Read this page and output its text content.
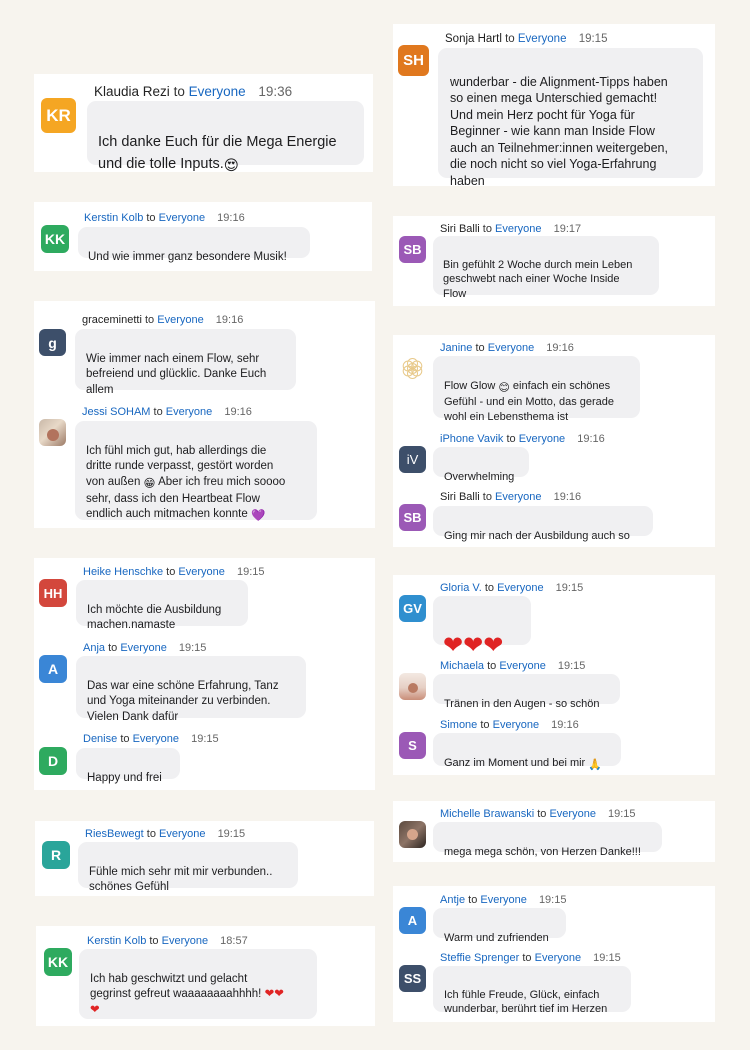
KR
Klaudia Rezi to Everyone 19:36

Ich danke Euch für die Mega Energie
und die tolle Inputs.😍

KK
Kerstin Kolb to Everyone 19:16

Und wie immer ganz besondere Musik!

g
graceminetti to Everyone 19:16

Wie immer nach einem Flow, sehr
befreiend und glücklic. Danke Euch
allem

Jessi SOHAM to Everyone 19:16

Ich fühl mich gut, hab allerdings die
dritte runde verpasst, gestört worden
von außen 😁 Aber ich freu mich soooo
sehr, dass ich den Heartbeat Flow
endlich auch mitmachen konnte 💜

HH
Heike Henschke to Everyone 19:15

Ich möchte die Ausbildung
machen.namaste

A
Anja to Everyone 19:15

Das war eine schöne Erfahrung, Tanz
und Yoga miteinander zu verbinden.
Vielen Dank dafür

D
Denise to Everyone 19:15

Happy und frei

R
RiesBewegt to Everyone 19:15

Fühle mich sehr mit mir verbunden..
schönes Gefühl

KK
Kerstin Kolb to Everyone 18:57

Ich hab geschwitzt und gelacht
gegrinst gefreut waaaaaaaahhhh! ❤❤
❤

SH
Sonja Hartl to Everyone 19:15

wunderbar - die Alignment-Tipps haben
so einen mega Unterschied gemacht!
Und mein Herz pocht für Yoga für
Beginner - wie kann man Inside Flow
auch an Teilnehmer:innen weitergeben,
die noch nicht so viel Yoga-Erfahrung
haben

SB
Siri Balli to Everyone 19:17

Bin gefühlt 2 Woche durch mein Leben
geschwebt nach einer Woche Inside
Flow

Janine to Everyone 19:16

Flow Glow 😊 einfach ein schönes
Gefühl - und ein Motto, das gerade
wohl ein Lebensthema ist

iV
iPhone Vavik to Everyone 19:16

Overwhelming

SB
Siri Balli to Everyone 19:16

Ging mir nach der Ausbildung auch so

GV
Gloria V. to Everyone 19:15

❤❤❤

Michaela to Everyone 19:15

Tränen in den Augen - so schön

S
Simone to Everyone 19:16

Ganz im Moment und bei mir 🙏

Michelle Brawanski to Everyone 19:15

mega mega schön, von Herzen Danke!!!

A
Antje to Everyone 19:15

Warm und zufrienden

SS
Steffie Sprenger to Everyone 19:15

Ich fühle Freude, Glück, einfach
wunderbar, berührt tief im Herzen
